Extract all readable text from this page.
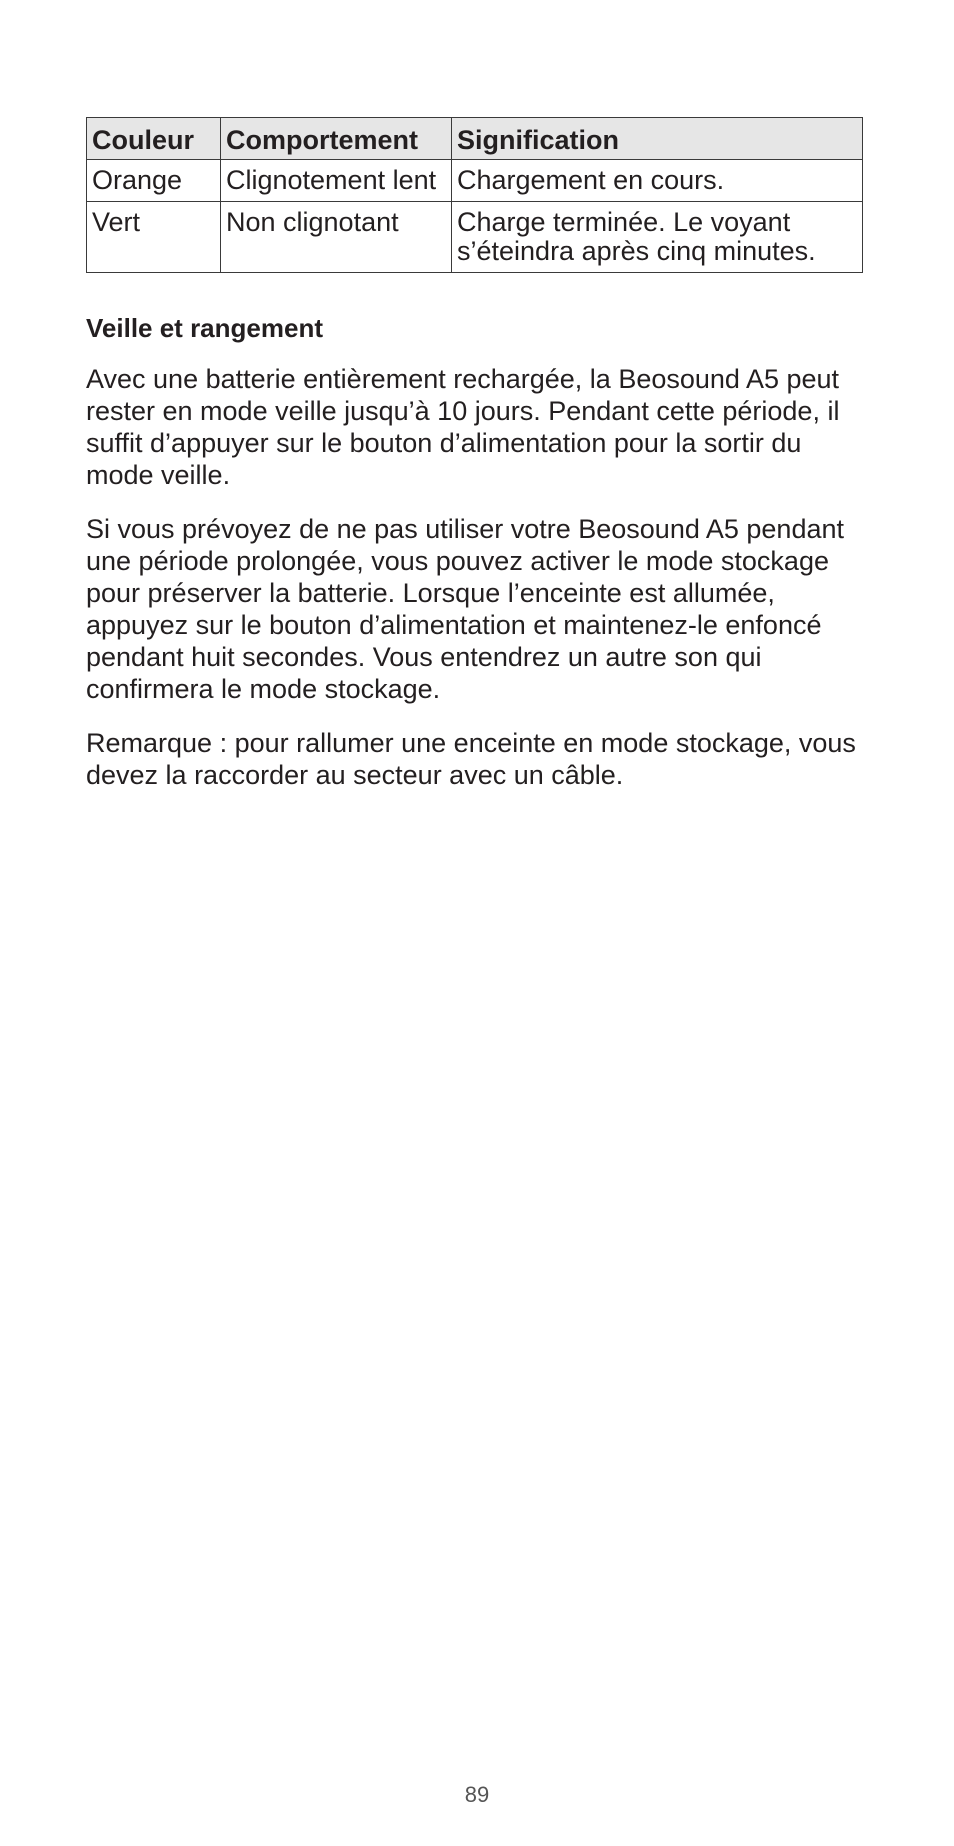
Couleur	Comportement	Signification
Orange	Clignotement lent	Chargement en cours.
Vert	Non clignotant	Charge terminée. Le voyant s’éteindra après cinq minutes.
Veille et rangement

Avec une batterie entièrement rechargée, la Beosound A5 peut rester en mode veille jusqu’à 10 jours. Pendant cette période, il suffit d’appuyer sur le bouton d’alimentation pour la sortir du mode veille.

Si vous prévoyez de ne pas utiliser votre Beosound A5 pendant une période prolongée, vous pouvez activer le mode stockage pour préserver la batterie. Lorsque l’enceinte est allumée, appuyez sur le bouton d’alimentation et maintenez-le enfoncé pendant huit secondes. Vous entendrez un autre son qui confirmera le mode stockage.

Remarque : pour rallumer une enceinte en mode stockage, vous devez la raccorder au secteur avec un câble.

89
